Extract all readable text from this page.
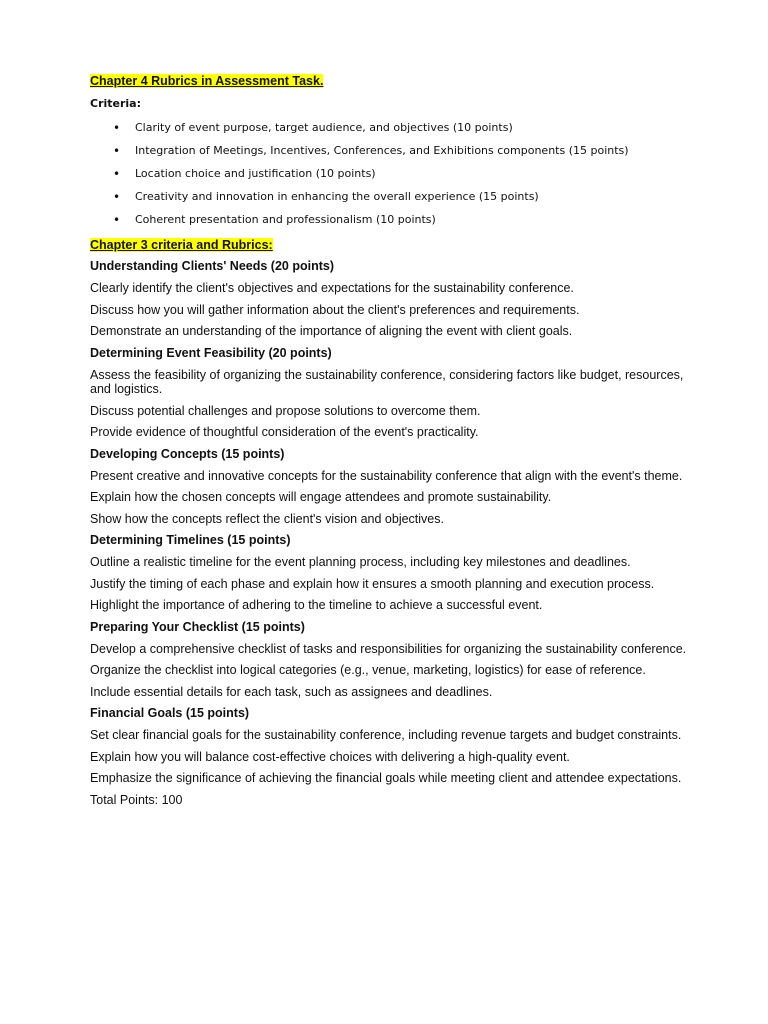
Chapter 4 Rubrics in Assessment Task.
Criteria:
• Clarity of event purpose, target audience, and objectives (10 points)
• Integration of Meetings, Incentives, Conferences, and Exhibitions components (15 points)
• Location choice and justification (10 points)
• Creativity and innovation in enhancing the overall experience (15 points)
• Coherent presentation and professionalism (10 points)
Chapter 3 criteria and Rubrics:
Understanding Clients' Needs (20 points)

Clearly identify the client's objectives and expectations for the sustainability conference.

Discuss how you will gather information about the client's preferences and requirements.

Demonstrate an understanding of the importance of aligning the event with client goals.

Determining Event Feasibility (20 points)

Assess the feasibility of organizing the sustainability conference, considering factors like budget, resources, and logistics.

Discuss potential challenges and propose solutions to overcome them.

Provide evidence of thoughtful consideration of the event's practicality.

Developing Concepts (15 points)

Present creative and innovative concepts for the sustainability conference that align with the event's theme.

Explain how the chosen concepts will engage attendees and promote sustainability.

Show how the concepts reflect the client's vision and objectives.

Determining Timelines (15 points)

Outline a realistic timeline for the event planning process, including key milestones and deadlines.

Justify the timing of each phase and explain how it ensures a smooth planning and execution process.

Highlight the importance of adhering to the timeline to achieve a successful event.

Preparing Your Checklist (15 points)

Develop a comprehensive checklist of tasks and responsibilities for organizing the sustainability conference.

Organize the checklist into logical categories (e.g., venue, marketing, logistics) for ease of reference.

Include essential details for each task, such as assignees and deadlines.

Financial Goals (15 points)

Set clear financial goals for the sustainability conference, including revenue targets and budget constraints.

Explain how you will balance cost-effective choices with delivering a high-quality event.

Emphasize the significance of achieving the financial goals while meeting client and attendee expectations.

Total Points: 100
